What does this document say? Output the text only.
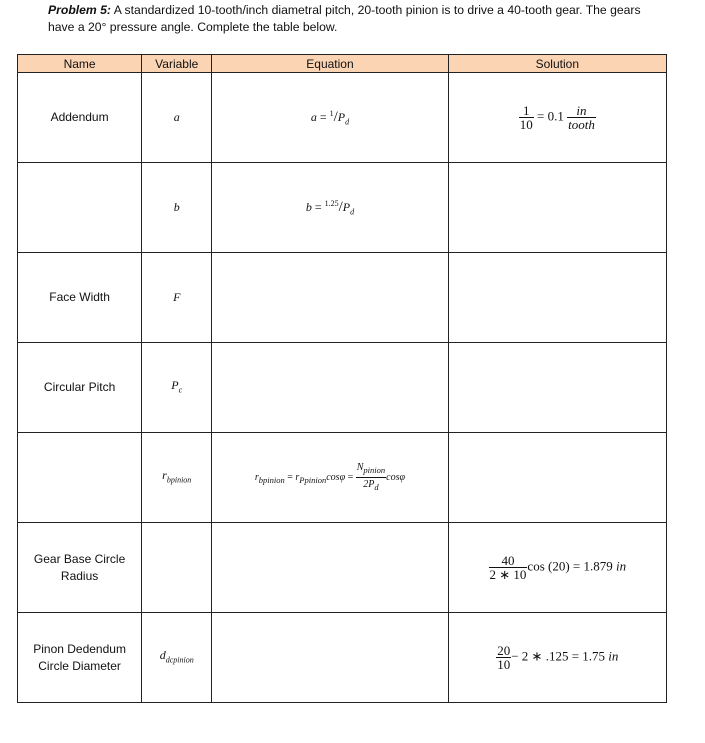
Problem 5: A standardized 10-tooth/inch diametral pitch, 20-tooth pinion is to drive a 40-tooth gear. The gears have a 20° pressure angle. Complete the table below.
Name	Variable	Equation	Solution
Addendum	a	$a = ^1/P_d$	$\frac{1}{10} = 0.1 \frac{in}{\text{tooth}}$

	b	$b = ^{1.25}/P_d$	
Face Width	F		
Circular Pitch	$P_c$		
	$r_{bpinion}$	$r_{bpinion} = r_{Ppinion}\cos\varphi = \frac{N_{pinion}}{2P_d}$ cosφ	
Gear Base Circle Radius			$\frac{40}{2 ∗ 10}$ cos (20) = 1.879 in
Pinon Dedendum Circle Diameter	$d_{dcpinion}$		$\frac{20}{10} - 2$ ∗ .125 = 1.75 in
